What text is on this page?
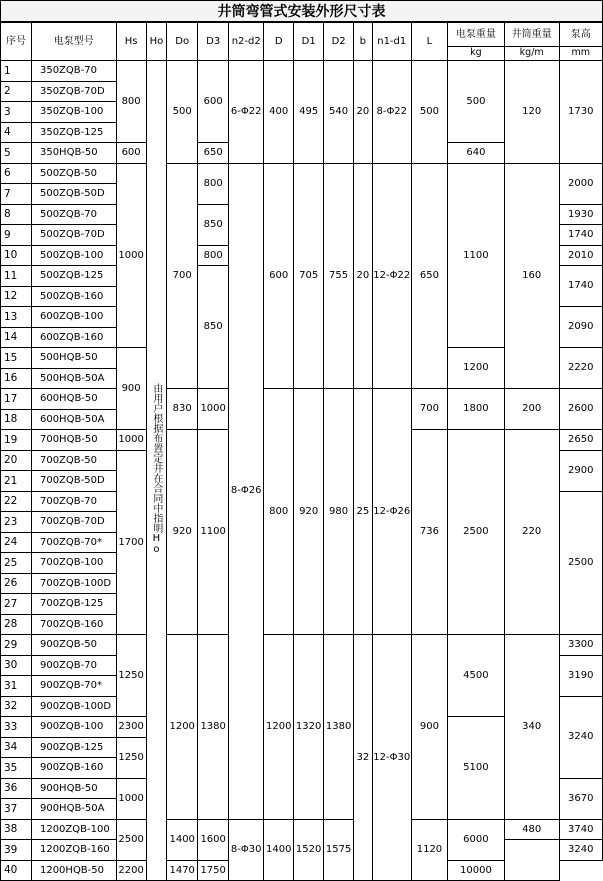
井筒弯管式安装外形尺寸表
序号	电泵型号	Hs	Ho	Do	D3	n2-d2	D	D1	D2	b	n1-d1	L	电泵重量	井筒重量	泵高
													kg	kg/m	mm
1	350ZQB-70	800	由用户根据布置定井在合同中指明Ho	500	600	6-Φ22	400	495	540	20	8-Φ22	500	500	120	1730
2	350ZQB-70D														
3	350ZQB-100														
4	350ZQB-125														
5	350HQB-50	600			650								640		
6	500ZQB-50	1000		700	800	8-Φ26	600	705	755	20	12-Φ22	650	1100	160	2000
7	500ZQB-50D														
8	500ZQB-70				850										1930
9	500ZQB-70D														1740
10	500ZQB-100				800										2010
11	500ZQB-125				850										1740
12	500ZQB-160														
13	600ZQB-100														2090
14	600ZQB-160														
15	500HQB-50	900											1200		2220
16	500HQB-50A														
17	600HQB-50			830	1000		800	920	980	25	12-Φ26	700	1800	200	2600
18	600HQB-50A														
19	700HQB-50	1000		920	1100							736	2500	220	2650
20	700ZQB-50	1700													2900
21	700ZQB-50D														
22	700ZQB-70														2500
23	700ZQB-70D														
24	700ZQB-70*														
25	700ZQB-100														
26	700ZQB-100D														
27	700ZQB-125														
28	700ZQB-160														
29	900ZQB-50	1250		1200	1380		1200	1320	1380	32	12-Φ30	900	4500	340	3300
30	900ZQB-70														3190
31	900ZQB-70*														
32	900ZQB-100D														3240
33	900ZQB-100	2300											5100		
34	900ZQB-125	1250													
35	900ZQB-160														
36	900HQB-50	1000													3670
37	900HQB-50A														
38	1200ZQB-100	2500		1400	1600	8-Φ30	1400	1520	1575			1120	6000	480	3740
39	1200ZQB-160														3240
40	1200HQB-50	2200		1470	1750								10000		
